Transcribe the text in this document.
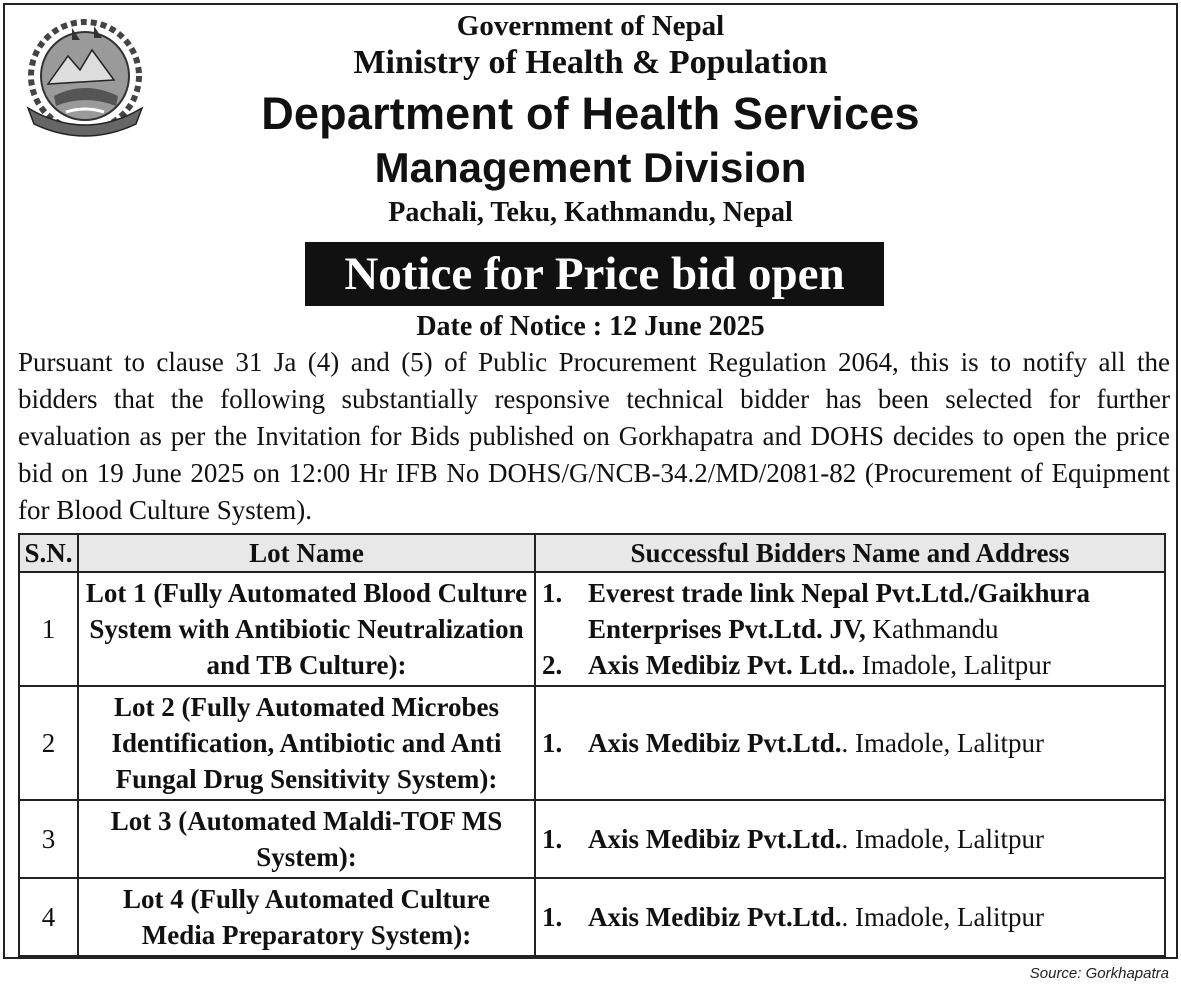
Government of Nepal
Ministry of Health & Population
Department of Health Services
Management Division
Pachali, Teku, Kathmandu, Nepal
Notice for Price bid open
Date of Notice : 12 June 2025
Pursuant to clause 31 Ja (4) and (5) of Public Procurement Regulation 2064, this is to notify all the bidders that the following substantially responsive technical bidder has been selected for further evaluation as per the Invitation for Bids published on Gorkhapatra and DOHS decides to open the price bid on 19 June 2025 on 12:00 Hr IFB No DOHS/G/NCB-34.2/MD/2081-82 (Procurement of Equipment for Blood Culture System).
S.N.	Lot Name	Successful Bidders Name and Address
1	Lot 1 (Fully Automated Blood Culture System with Antibiotic Neutralization and TB Culture):	1. Everest trade link Nepal Pvt.Ltd./Gaikhura Enterprises Pvt.Ltd. JV, Kathmandu
2. Axis Medibiz Pvt. Ltd.. Imadole, Lalitpur

2	Lot 2 (Fully Automated Microbes Identification, Antibiotic and Anti Fungal Drug Sensitivity System):	1. Axis Medibiz Pvt.Ltd.. Imadole, Lalitpur

3	Lot 3 (Automated Maldi-TOF MS System):	1. Axis Medibiz Pvt.Ltd.. Imadole, Lalitpur

4	Lot 4 (Fully Automated Culture Media Preparatory System):	1. Axis Medibiz Pvt.Ltd.. Imadole, Lalitpur
Source: Gorkhapatra
